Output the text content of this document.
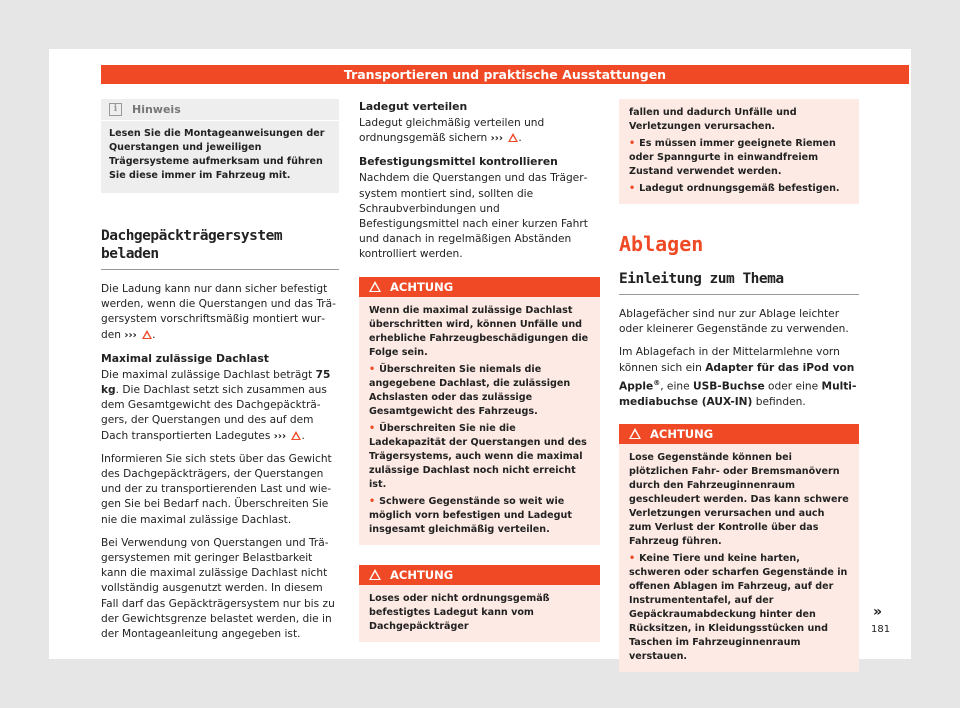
Transportieren und praktische Ausstattungen
i	Hinweis
Lesen Sie die Montageanweisungen der Querstangen und jeweiligen Trägersysteme aufmerksam und führen Sie diese immer im Fahrzeug mit.
Dachgepäckträgersystem beladen

Die Ladung kann nur dann sicher befestigt werden, wenn die Querstangen und das Trägersystem vorschriftsmäßig montiert wurden ››› .

Maximal zulässige Dachlast

Die maximal zulässige Dachlast beträgt 75 kg. Die Dachlast setzt sich zusammen aus dem Gesamtgewicht des Dachgepäckträgers, der Querstangen und des auf dem Dach transportierten Ladegutes ››› .

Informieren Sie sich stets über das Gewicht des Dachgepäckträgers, der Querstangen und der zu transportierenden Last und wiegen Sie bei Bedarf nach. Überschreiten Sie nie die maximal zulässige Dachlast.

Bei Verwendung von Querstangen und Trägersystemen mit geringer Belastbarkeit kann die maximal zulässige Dachlast nicht vollständig ausgenutzt werden. In diesem Fall darf das Gepäckträgersystem nur bis zu der Gewichtsgrenze belastet werden, die in der Montageanleitung angegeben ist.

Ladegut verteilen

Ladegut gleichmäßig verteilen und ordnungsgemäß sichern ››› .

Befestigungsmittel kontrollieren

Nachdem die Querstangen und das Trägersystem montiert sind, sollten die Schraubverbindungen und Befestigungsmittel nach einer kurzen Fahrt und danach in regelmäßigen Abständen kontrolliert werden.

ACHTUNG
Wenn die maximal zulässige Dachlast überschritten wird, können Unfälle und erhebliche Fahrzeugbeschädigungen die Folge sein.
• Überschreiten Sie niemals die angegebene Dachlast, die zulässigen Achslasten oder das zulässige Gesamtgewicht des Fahrzeugs.
• Überschreiten Sie nie die Ladekapazität der Querstangen und des Trägersystems, auch wenn die maximal zulässige Dachlast noch nicht erreicht ist.
• Schwere Gegenstände so weit wie möglich vorn befestigen und Ladegut insgesamt gleichmäßig verteilen.
ACHTUNG
Loses oder nicht ordnungsgemäß befestigtes Ladegut kann vom Dachgepäckträger
fallen und dadurch Unfälle und Verletzungen verursachen.
• Es müssen immer geeignete Riemen oder Spanngurte in einwandfreiem Zustand verwendet werden.
• Ladegut ordnungsgemäß befestigen.
Ablagen
Einleitung zum Thema

Ablagefächer sind nur zur Ablage leichter oder kleinerer Gegenstände zu verwenden.

Im Ablagefach in der Mittelarmlehne vorn können sich ein Adapter für das iPod von Apple®, eine USB-Buchse oder eine Multimediabuchse (AUX-IN) befinden.

ACHTUNG
Lose Gegenstände können bei plötzlichen Fahr- oder Bremsmanövern durch den Fahrzeuginnenraum geschleudert werden. Das kann schwere Verletzungen verursachen und auch zum Verlust der Kontrolle über das Fahrzeug führen.
• Keine Tiere und keine harten, schweren oder scharfen Gegenstände in offenen Ablagen im Fahrzeug, auf der Instrumententafel, auf der Gepäckraumabdeckung hinter den Rücksitzen, in Kleidungsstücken und Taschen im Fahrzeuginnenraum verstauen.
»
181
